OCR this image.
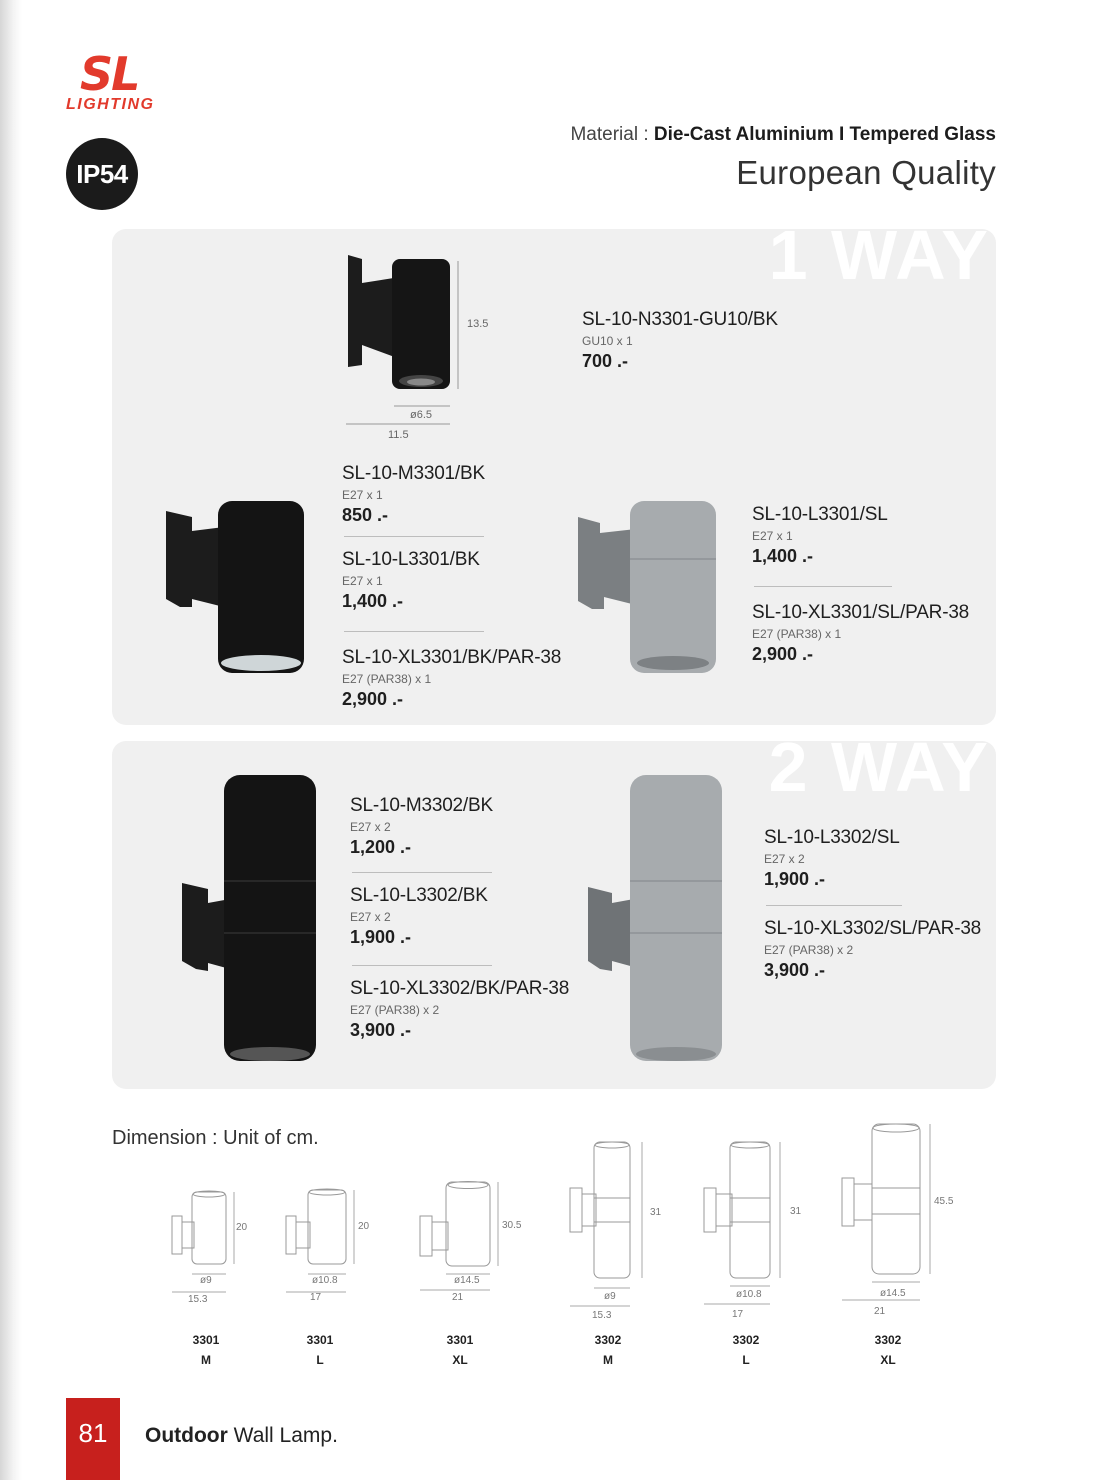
SL
LIGHTING
IP54
Material : Die-Cast Aluminium I Tempered Glass
European Quality
1 WAY
13.5
ø6.5
11.5
SL-10-N3301-GU10/BK
GU10 x 1
700 .-
SL-10-M3301/BK
E27 x 1
850 .-
SL-10-L3301/BK
E27 x 1
1,400 .-
SL-10-XL3301/BK/PAR-38
E27 (PAR38) x 1
2,900 .-
SL-10-L3301/SL
E27 x 1
1,400 .-
SL-10-XL3301/SL/PAR-38
E27 (PAR38) x 1
2,900 .-
2 WAY
SL-10-M3302/BK
E27 x 2
1,200 .-
SL-10-L3302/BK
E27 x 2
1,900 .-
SL-10-XL3302/BK/PAR-38
E27 (PAR38) x 2
3,900 .-
SL-10-L3302/SL
E27 x 2
1,900 .-
SL-10-XL3302/SL/PAR-38
E27 (PAR38) x 2
3,900 .-
Dimension : Unit of cm.
20
ø9
15.3
3301
M
20
ø10.8
17
3301
L
30.5
ø14.5
21
3301
XL
31
ø9
15.3
3302
M
31
ø10.8
17
3302
L
45.5
ø14.5
21
3302
XL
81	Outdoor Wall Lamp.
